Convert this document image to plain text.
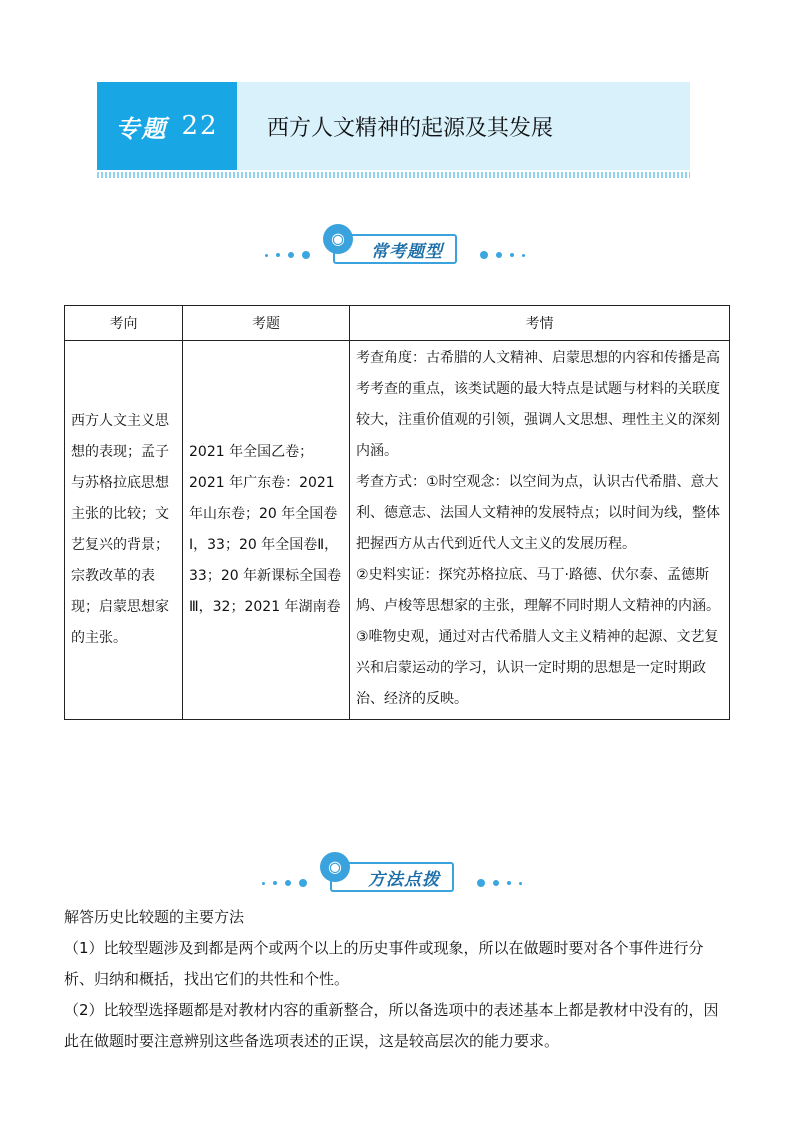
专题 22 西方人文精神的起源及其发展
常考题型
◉
考向	考题	考情
西方人文主义思想的表现；孟子与苏格拉底思想主张的比较；文艺复兴的背景；宗教改革的表现；启蒙思想家的主张。	2021 年全国乙卷；2021 年广东卷：2021 年山东卷；20 年全国卷Ⅰ，33；20 年全国卷Ⅱ，33；20 年新课标全国卷Ⅲ，32；2021 年湖南卷	考查角度：古希腊的人文精神、启蒙思想的内容和传播是高考考查的重点，该类试题的最大特点是试题与材料的关联度较大，注重价值观的引领，强调人文思想、理性主义的深刻内涵。
考查方式：①时空观念：以空间为点，认识古代希腊、意大利、德意志、法国人文精神的发展特点；以时间为线，整体把握西方从古代到近代人文主义的发展历程。
②史料实证：探究苏格拉底、马丁·路德、伏尔泰、孟德斯鸠、卢梭等思想家的主张，理解不同时期人文精神的内涵。
③唯物史观，通过对古代希腊人文主义精神的起源、文艺复兴和启蒙运动的学习，认识一定时期的思想是一定时期政治、经济的反映。
方法点拨
◉

解答历史比较题的主要方法

（1）比较型题涉及到都是两个或两个以上的历史事件或现象，所以在做题时要对各个事件进行分析、归纳和概括，找出它们的共性和个性。

（2）比较型选择题都是对教材内容的重新整合，所以备选项中的表述基本上都是教材中没有的，因此在做题时要注意辨别这些备选项表述的正误，这是较高层次的能力要求。
